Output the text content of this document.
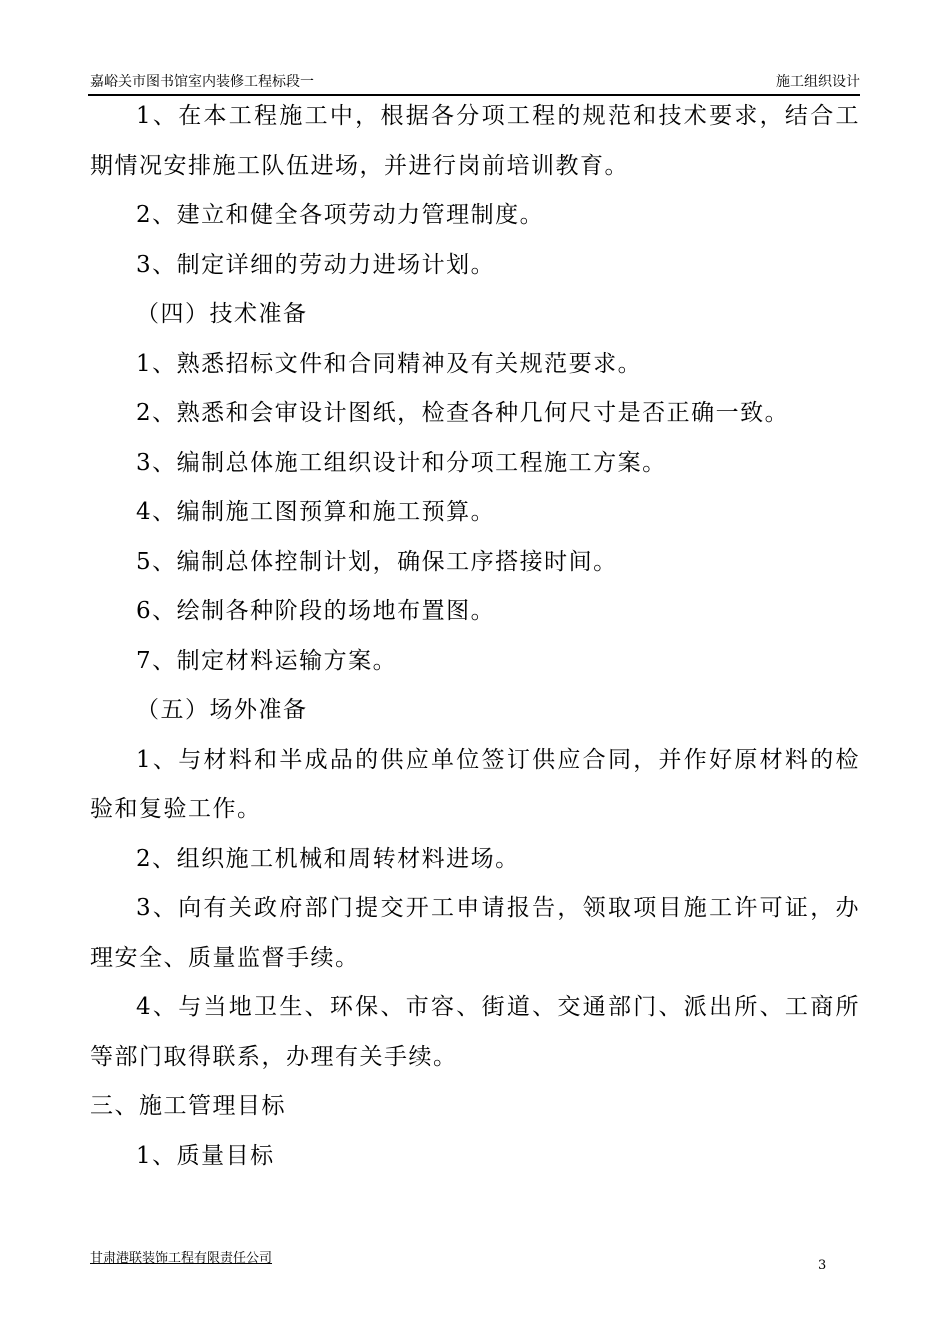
嘉峪关市图书馆室内装修工程标段一	施工组织设计

1、在本工程施工中，根据各分项工程的规范和技术要求，结合工期情况安排施工队伍进场，并进行岗前培训教育。

2、建立和健全各项劳动力管理制度。

3、制定详细的劳动力进场计划。

（四）技术准备

1、熟悉招标文件和合同精神及有关规范要求。

2、熟悉和会审设计图纸，检查各种几何尺寸是否正确一致。

3、编制总体施工组织设计和分项工程施工方案。

4、编制施工图预算和施工预算。

5、编制总体控制计划，确保工序搭接时间。

6、绘制各种阶段的场地布置图。

7、制定材料运输方案。

（五）场外准备

1、与材料和半成品的供应单位签订供应合同，并作好原材料的检验和复验工作。

2、组织施工机械和周转材料进场。

3、向有关政府部门提交开工申请报告，领取项目施工许可证，办理安全、质量监督手续。

4、与当地卫生、环保、市容、街道、交通部门、派出所、工商所等部门取得联系，办理有关手续。

三、施工管理目标

1、质量目标

甘肃港联装饰工程有限责任公司	3
